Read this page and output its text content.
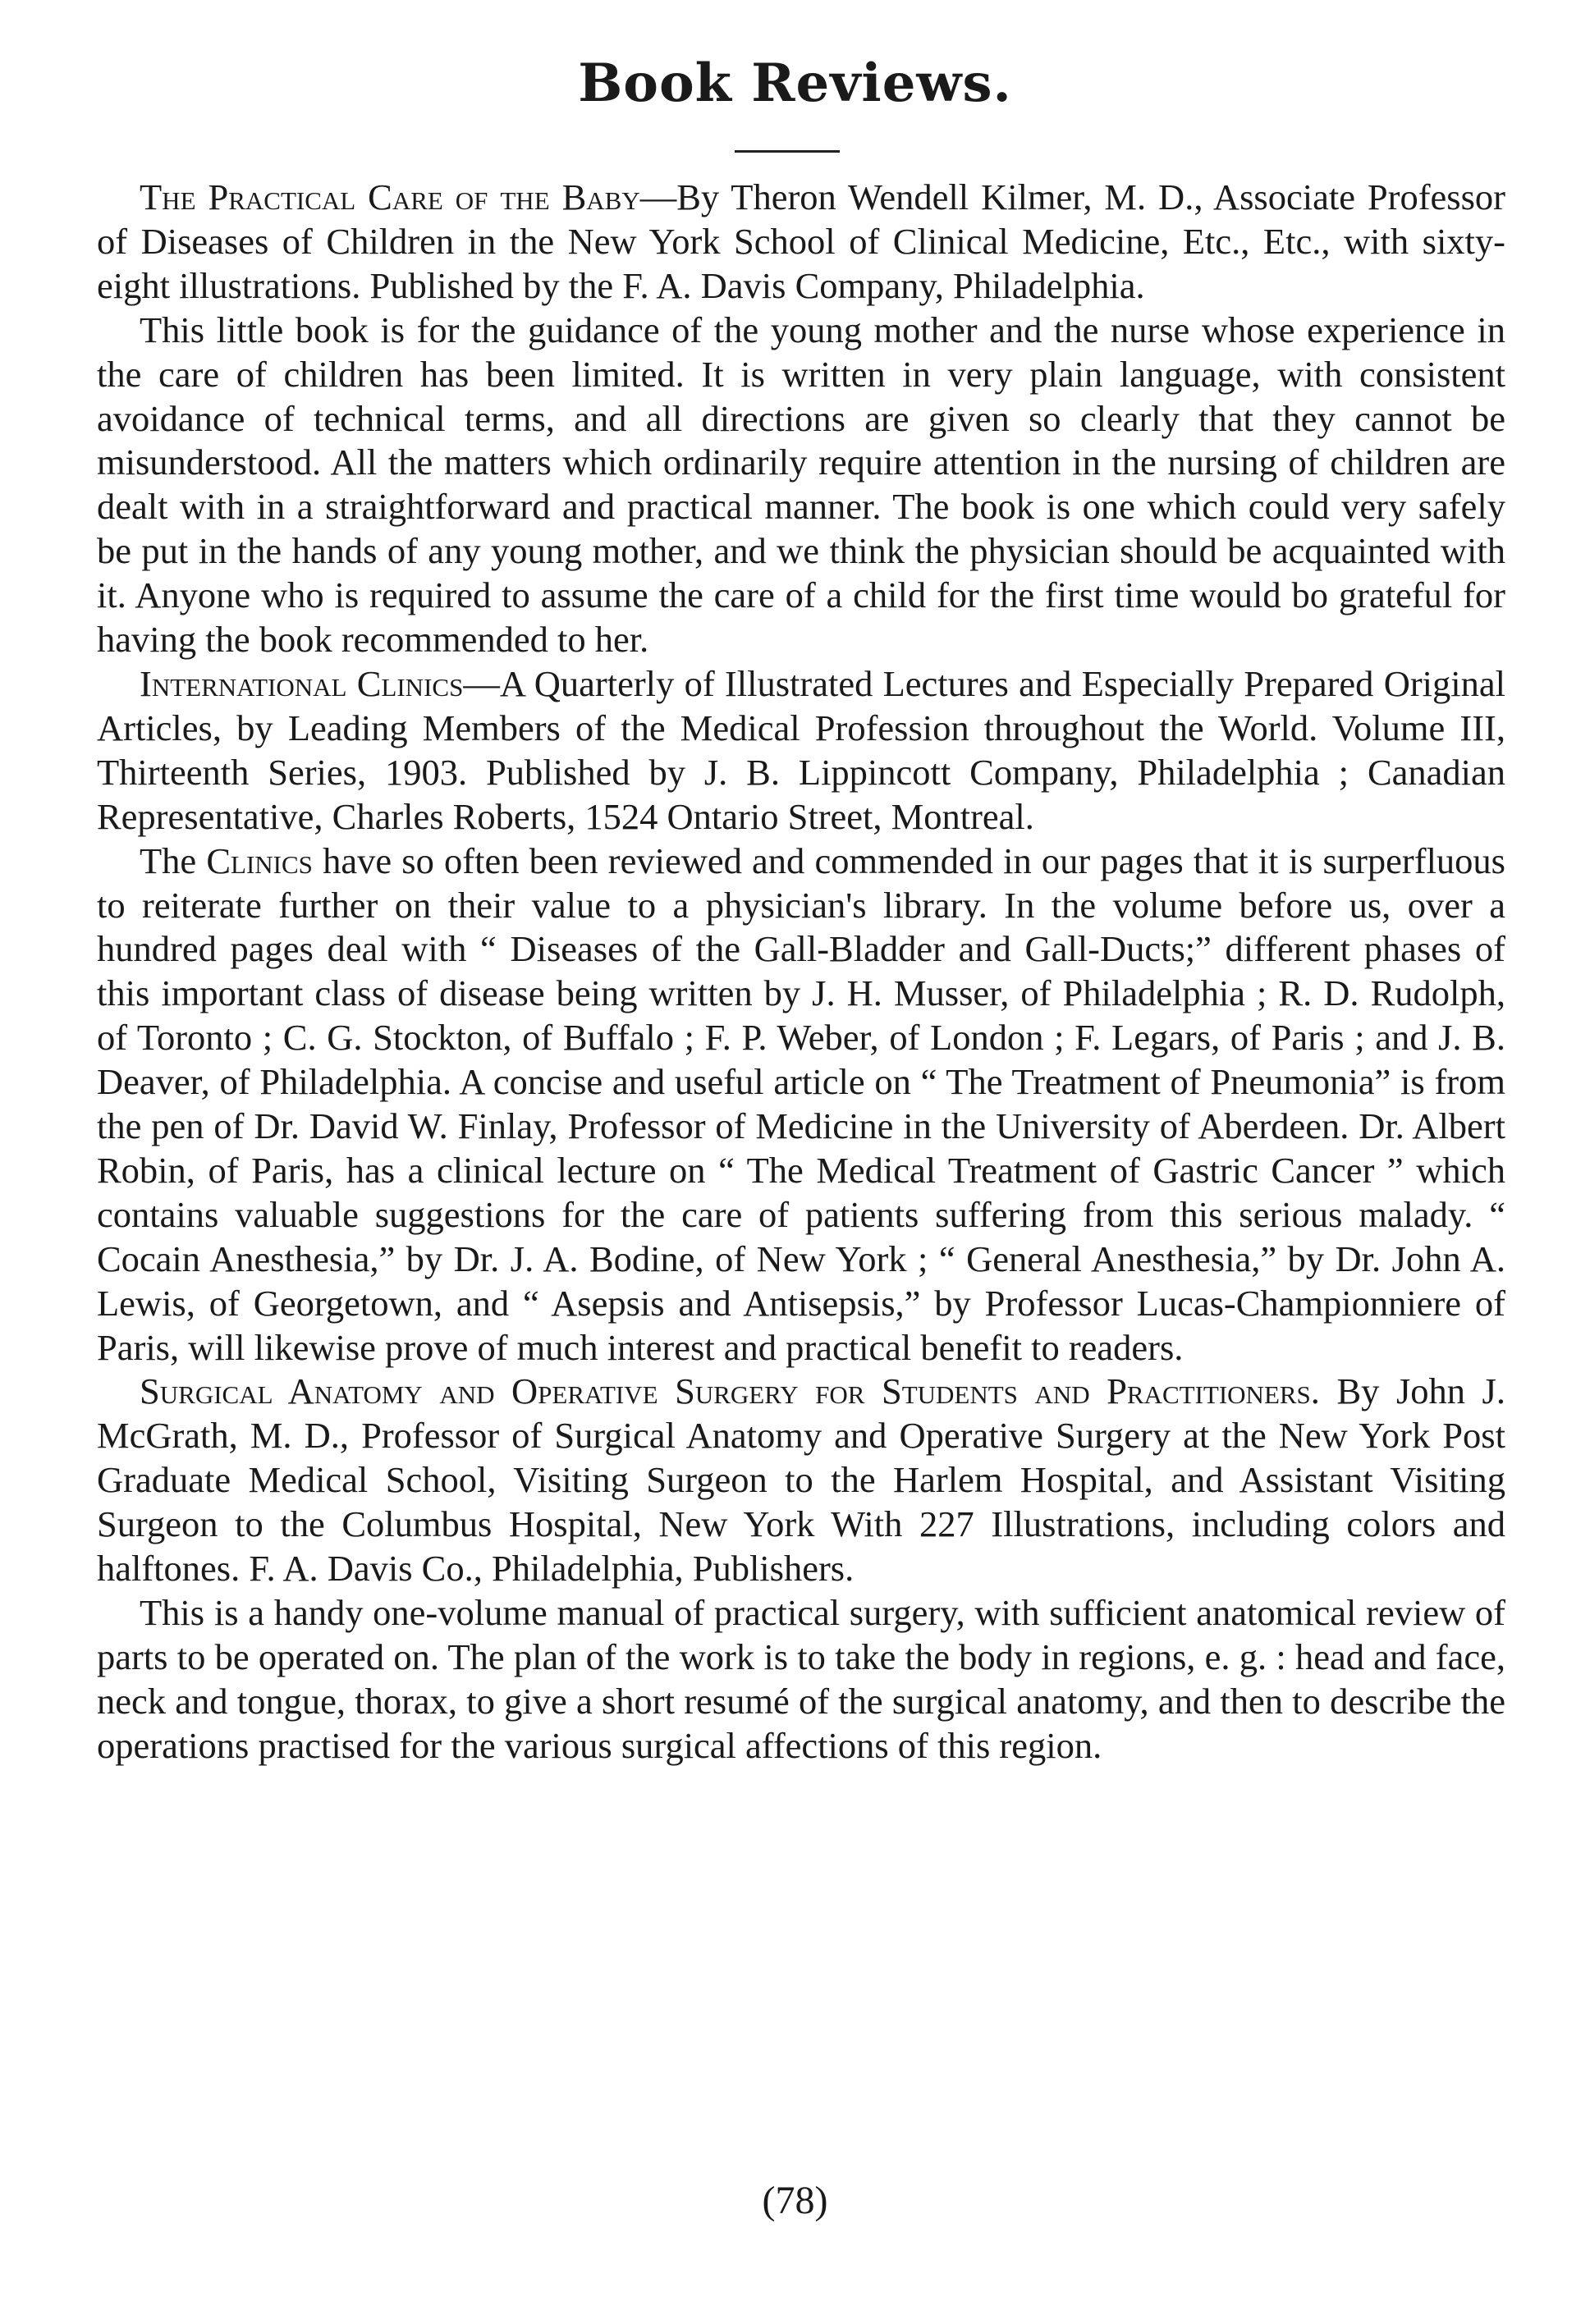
Book Reviews.

The Practical Care of the Baby—By Theron Wendell Kilmer, M. D., Associate Professor of Diseases of Children in the New York School of Clinical Medicine, Etc., Etc., with sixty-eight illustrations. Published by the F. A. Davis Company, Philadelphia.

This little book is for the guidance of the young mother and the nurse whose experience in the care of children has been limited. It is written in very plain language, with consistent avoidance of technical terms, and all directions are given so clearly that they cannot be misunderstood. All the matters which ordinarily require attention in the nursing of children are dealt with in a straightforward and practical manner. The book is one which could very safely be put in the hands of any young mother, and we think the physician should be acquainted with it. Anyone who is required to assume the care of a child for the first time would bo grateful for having the book recommended to her.

International Clinics—A Quarterly of Illustrated Lectures and Especially Prepared Original Articles, by Leading Members of the Medical Profession throughout the World. Volume III, Thirteenth Series, 1903. Published by J. B. Lippincott Company, Philadelphia ; Canadian Representative, Charles Roberts, 1524 Ontario Street, Montreal.

The Clinics have so often been reviewed and commended in our pages that it is surperfluous to reiterate further on their value to a physician's library. In the volume before us, over a hundred pages deal with “ Diseases of the Gall-Bladder and Gall-Ducts;” different phases of this important class of disease being written by J. H. Musser, of Philadelphia ; R. D. Rudolph, of Toronto ; C. G. Stockton, of Buffalo ; F. P. Weber, of London ; F. Legars, of Paris ; and J. B. Deaver, of Philadelphia. A concise and useful article on “ The Treatment of Pneumonia” is from the pen of Dr. David W. Finlay, Professor of Medicine in the University of Aberdeen. Dr. Albert Robin, of Paris, has a clinical lecture on “ The Medical Treatment of Gastric Cancer ” which contains valuable suggestions for the care of patients suffering from this serious malady. “ Cocain Anesthesia,” by Dr. J. A. Bodine, of New York ; “ General Anesthesia,” by Dr. John A. Lewis, of Georgetown, and “ Asepsis and Antisepsis,” by Professor Lucas-Championniere of Paris, will likewise prove of much interest and practical benefit to readers.

Surgical Anatomy and Operative Surgery for Students and Practitioners. By John J. McGrath, M. D., Professor of Surgical Anatomy and Operative Surgery at the New York Post Graduate Medical School, Visiting Surgeon to the Harlem Hospital, and Assistant Visiting Surgeon to the Columbus Hospital, New York With 227 Illustrations, including colors and halftones. F. A. Davis Co., Philadelphia, Publishers.

This is a handy one-volume manual of practical surgery, with sufficient anatomical review of parts to be operated on. The plan of the work is to take the body in regions, e. g. : head and face, neck and tongue, thorax, to give a short resumé of the surgical anatomy, and then to describe the operations practised for the various surgical affections of this region.

(78)
